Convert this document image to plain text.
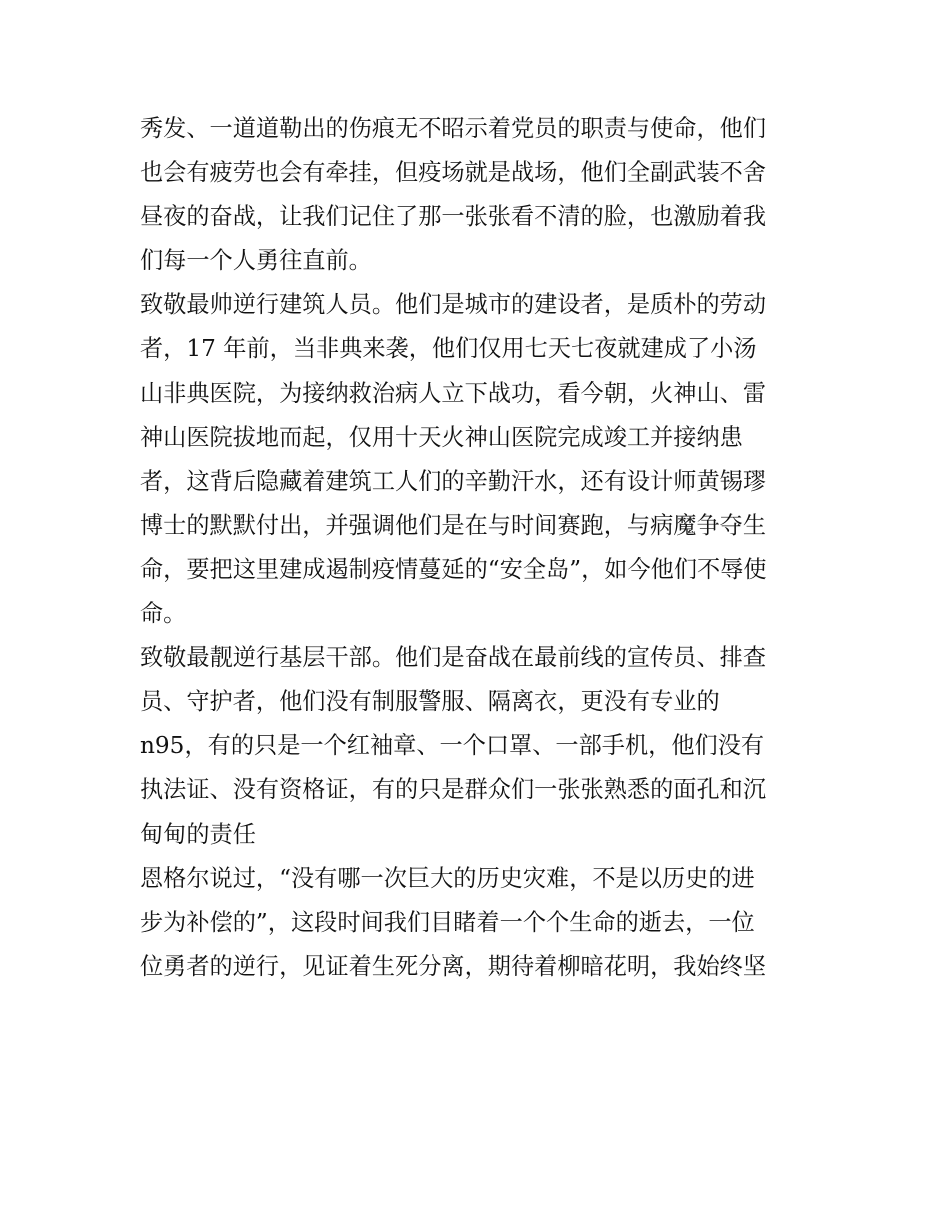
秀发、一道道勒出的伤痕无不昭示着党员的职责与使命，他们
也会有疲劳也会有牵挂，但疫场就是战场，他们全副武装不舍
昼夜的奋战，让我们记住了那一张张看不清的脸，也激励着我
们每一个人勇往直前。
致敬最帅逆行建筑人员。他们是城市的建设者，是质朴的劳动
者，17 年前，当非典来袭，他们仅用七天七夜就建成了小汤
山非典医院，为接纳救治病人立下战功，看今朝，火神山、雷
神山医院拔地而起，仅用十天火神山医院完成竣工并接纳患
者，这背后隐藏着建筑工人们的辛勤汗水，还有设计师黄锡璆
博士的默默付出，并强调他们是在与时间赛跑，与病魔争夺生
命，要把这里建成遏制疫情蔓延的“安全岛”，如今他们不辱使
命。
致敬最靓逆行基层干部。他们是奋战在最前线的宣传员、排查
员、守护者，他们没有制服警服、隔离衣，更没有专业的
n95，有的只是一个红袖章、一个口罩、一部手机，他们没有
执法证、没有资格证，有的只是群众们一张张熟悉的面孔和沉
甸甸的责任
恩格尔说过，“没有哪一次巨大的历史灾难，不是以历史的进
步为补偿的”，这段时间我们目睹着一个个生命的逝去，一位
位勇者的逆行，见证着生死分离，期待着柳暗花明，我始终坚
